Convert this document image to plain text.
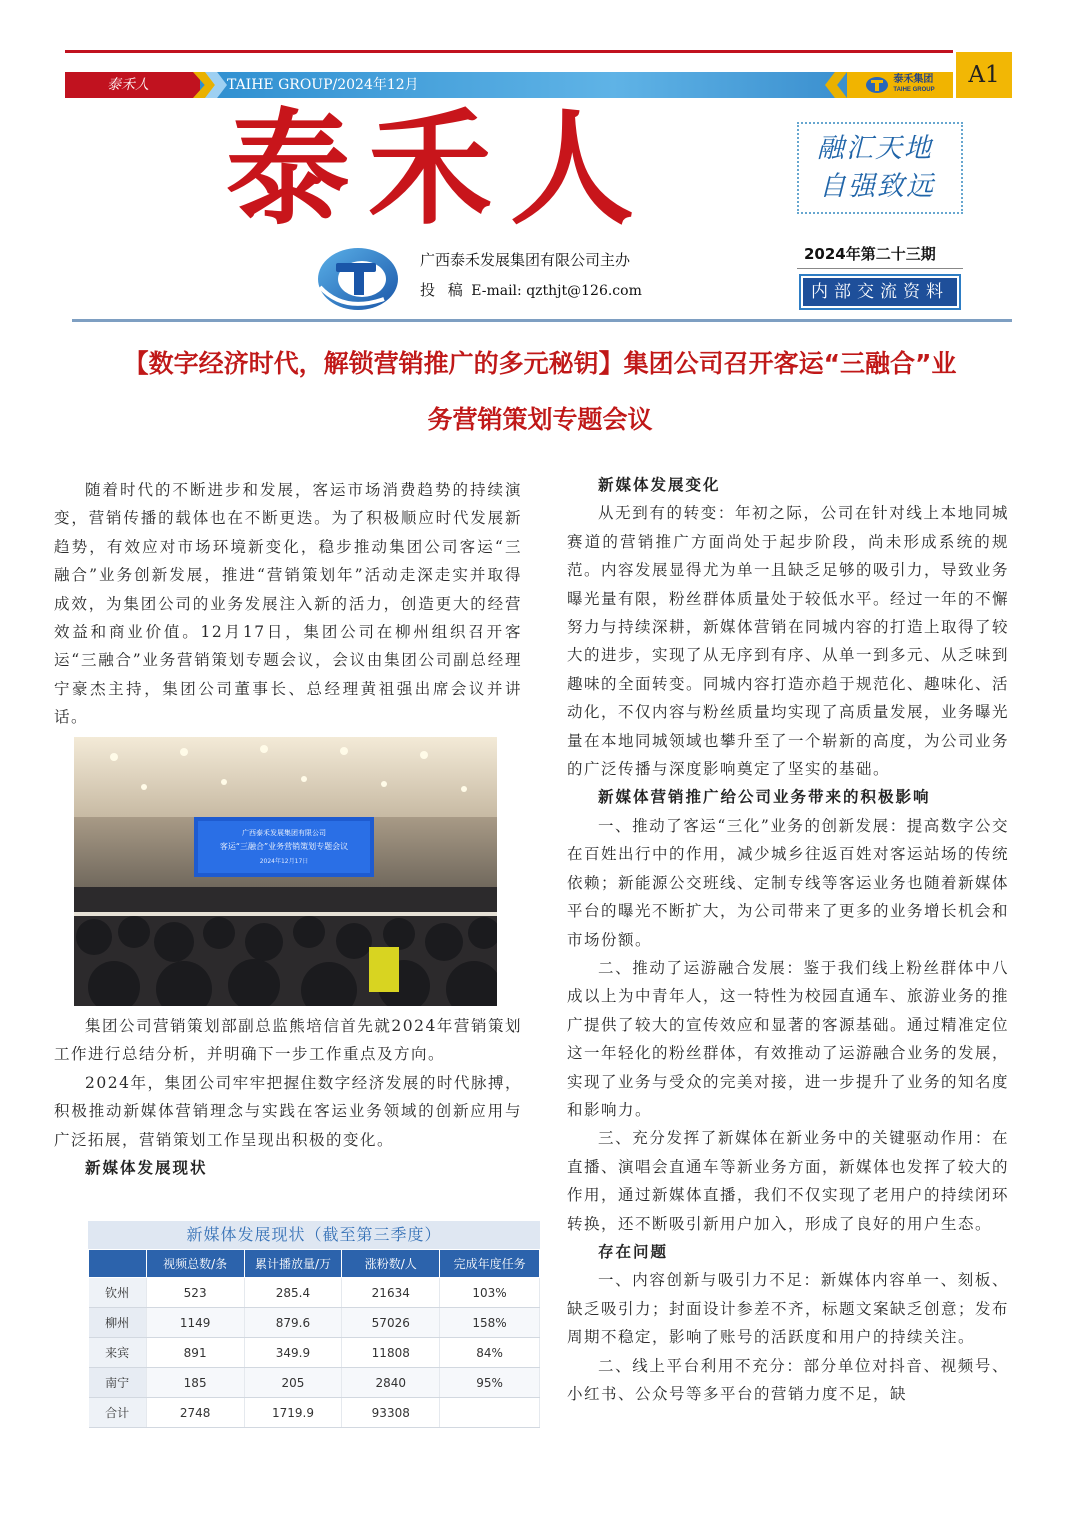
泰禾人	TAIHE GROUP/2024年12月	泰禾集团
TAIHE GROUP
A1
泰禾人	融汇天地
自强致远
广西泰禾发展集团有限公司主办
投 稿 E-mail: qzthjt@126.com
2024年第二十三期
内部交流资料
【数字经济时代，解锁营销推广的多元秘钥】集团公司召开客运“三融合”业
务营销策划专题会议

随着时代的不断进步和发展，客运市场消费趋势的持续演变，营销传播的载体也在不断更迭。为了积极顺应时代发展新趋势，有效应对市场环境新变化，稳步推动集团公司客运“三融合”业务创新发展，推进“营销策划年”活动走深走实并取得成效，为集团公司的业务发展注入新的活力，创造更大的经营效益和商业价值。12月17日，集团公司在柳州组织召开客运“三融合”业务营销策划专题会议，会议由集团公司副总经理宁豪杰主持，集团公司董事长、总经理黄祖强出席会议并讲话。

广西泰禾发展集团有限公司
客运“三融合”业务营销策划专题会议
2024年12月17日

集团公司营销策划部副总监熊培信首先就2024年营销策划工作进行总结分析，并明确下一步工作重点及方向。

2024年，集团公司牢牢把握住数字经济发展的时代脉搏，积极推动新媒体营销理念与实践在客运业务领域的创新应用与广泛拓展，营销策划工作呈现出积极的变化。

新媒体发展现状
新媒体发展现状（截至第三季度）
	视频总数/条	累计播放量/万	涨粉数/人	完成年度任务
钦州	523	285.4	21634	103%
柳州	1149	879.6	57026	158%
来宾	891	349.9	11808	84%
南宁	185	205	2840	95%
合计	2748	1719.9	93308	
新媒体发展变化

从无到有的转变：年初之际，公司在针对线上本地同城赛道的营销推广方面尚处于起步阶段，尚未形成系统的规范。内容发展显得尤为单一且缺乏足够的吸引力，导致业务曝光量有限，粉丝群体质量处于较低水平。经过一年的不懈努力与持续深耕，新媒体营销在同城内容的打造上取得了较大的进步，实现了从无序到有序、从单一到多元、从乏味到趣味的全面转变。同城内容打造亦趋于规范化、趣味化、活动化，不仅内容与粉丝质量均实现了高质量发展，业务曝光量在本地同城领域也攀升至了一个崭新的高度，为公司业务的广泛传播与深度影响奠定了坚实的基础。

新媒体营销推广给公司业务带来的积极影响

一、推动了客运“三化”业务的创新发展：提高数字公交在百姓出行中的作用，减少城乡往返百姓对客运站场的传统依赖；新能源公交班线、定制专线等客运业务也随着新媒体平台的曝光不断扩大，为公司带来了更多的业务增长机会和市场份额。

二、推动了运游融合发展：鉴于我们线上粉丝群体中八成以上为中青年人，这一特性为校园直通车、旅游业务的推广提供了较大的宣传效应和显著的客源基础。通过精准定位这一年轻化的粉丝群体，有效推动了运游融合业务的发展，实现了业务与受众的完美对接，进一步提升了业务的知名度和影响力。

三、充分发挥了新媒体在新业务中的关键驱动作用：在直播、演唱会直通车等新业务方面，新媒体也发挥了较大的作用，通过新媒体直播，我们不仅实现了老用户的持续闭环转换，还不断吸引新用户加入，形成了良好的用户生态。

存在问题

一、内容创新与吸引力不足：新媒体内容单一、刻板、缺乏吸引力；封面设计参差不齐，标题文案缺乏创意；发布周期不稳定，影响了账号的活跃度和用户的持续关注。

二、线上平台利用不充分：部分单位对抖音、视频号、小红书、公众号等多平台的营销力度不足，缺
